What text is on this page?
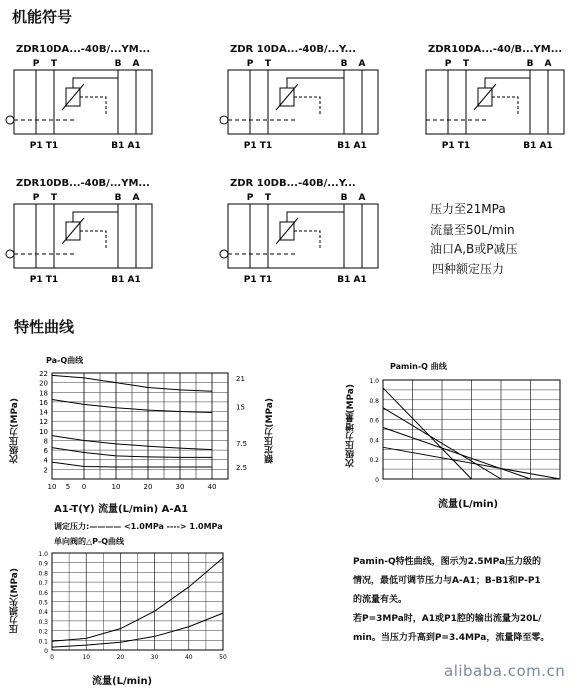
机能符号
特性曲线
ZDR10DA...-40B/...YM...
P T	B A
P1 T1	B1 A1
ZDR 10DA...-40B/...Y...
P T	B A
P1 T1	B1 A1
ZDR10DA...-40/B...YM...
P T	B A
P1 T1	B1 A1
ZDR10DB...-40B/...YM...
P T	B A
P1 T1	B1 A1
ZDR 10DB...-40B/...Y...
P T	B A
P1 T1	B1 A1
压力至21MPa
流量至50L/min
油口A,B或P减压
四种额定压力
Pa-Q曲线
次级压力(MPa)	额定压力(MPa)
22
20
18
16
14
12
10
8
6
4
2
10 5 0	10	20	30	40
21
15
7.5
2.5
A1-T(Y) 流量(L/min) A-A1
调定压力:———— <1.0MPa ----> 1.0MPa
Pamin-Q 曲线
次级压力增量(MPa)
1.0
0.8
0.6
0.4
0.2
0
流量(L/min)
单向阀的△P-Q曲线
压力损失(MPa)
1.0
0.9
0.8
0.7
0.6
0.5
0.4
0.3
0.2
0.1
0
0	10	20	30	40	50
流量(L/min)
Pamin-Q特性曲线，图示为2.5MPa压力级的
情况，最低可调节压力与A-A1；B-B1和P-P1
的流量有关。
若P=3MPa时，A1或P1腔的输出流量为20L/
min。当压力升高到P=3.4MPa，流量降至零。
alibaba.com.cn
